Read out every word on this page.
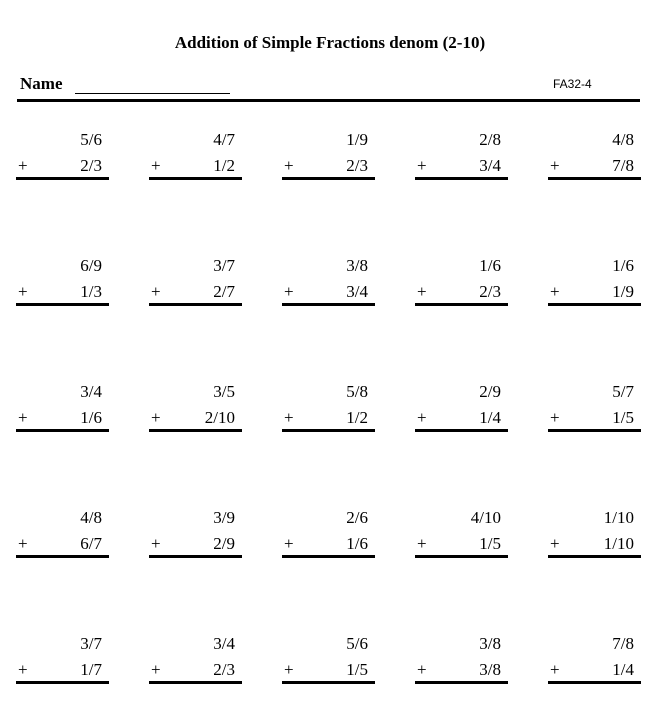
Addition of Simple Fractions denom (2-10)
Name	FA32-4
5/6
+	2/3
4/7
+	1/2
1/9
+	2/3
2/8
+	3/4
4/8
+	7/8
6/9
+	1/3
3/7
+	2/7
3/8
+	3/4
1/6
+	2/3
1/6
+	1/9
3/4
+	1/6
3/5
+	2/10
5/8
+	1/2
2/9
+	1/4
5/7
+	1/5
4/8
+	6/7
3/9
+	2/9
2/6
+	1/6
4/10
+	1/5
1/10
+	1/10
3/7
+	1/7
3/4
+	2/3
5/6
+	1/5
3/8
+	3/8
7/8
+	1/4
